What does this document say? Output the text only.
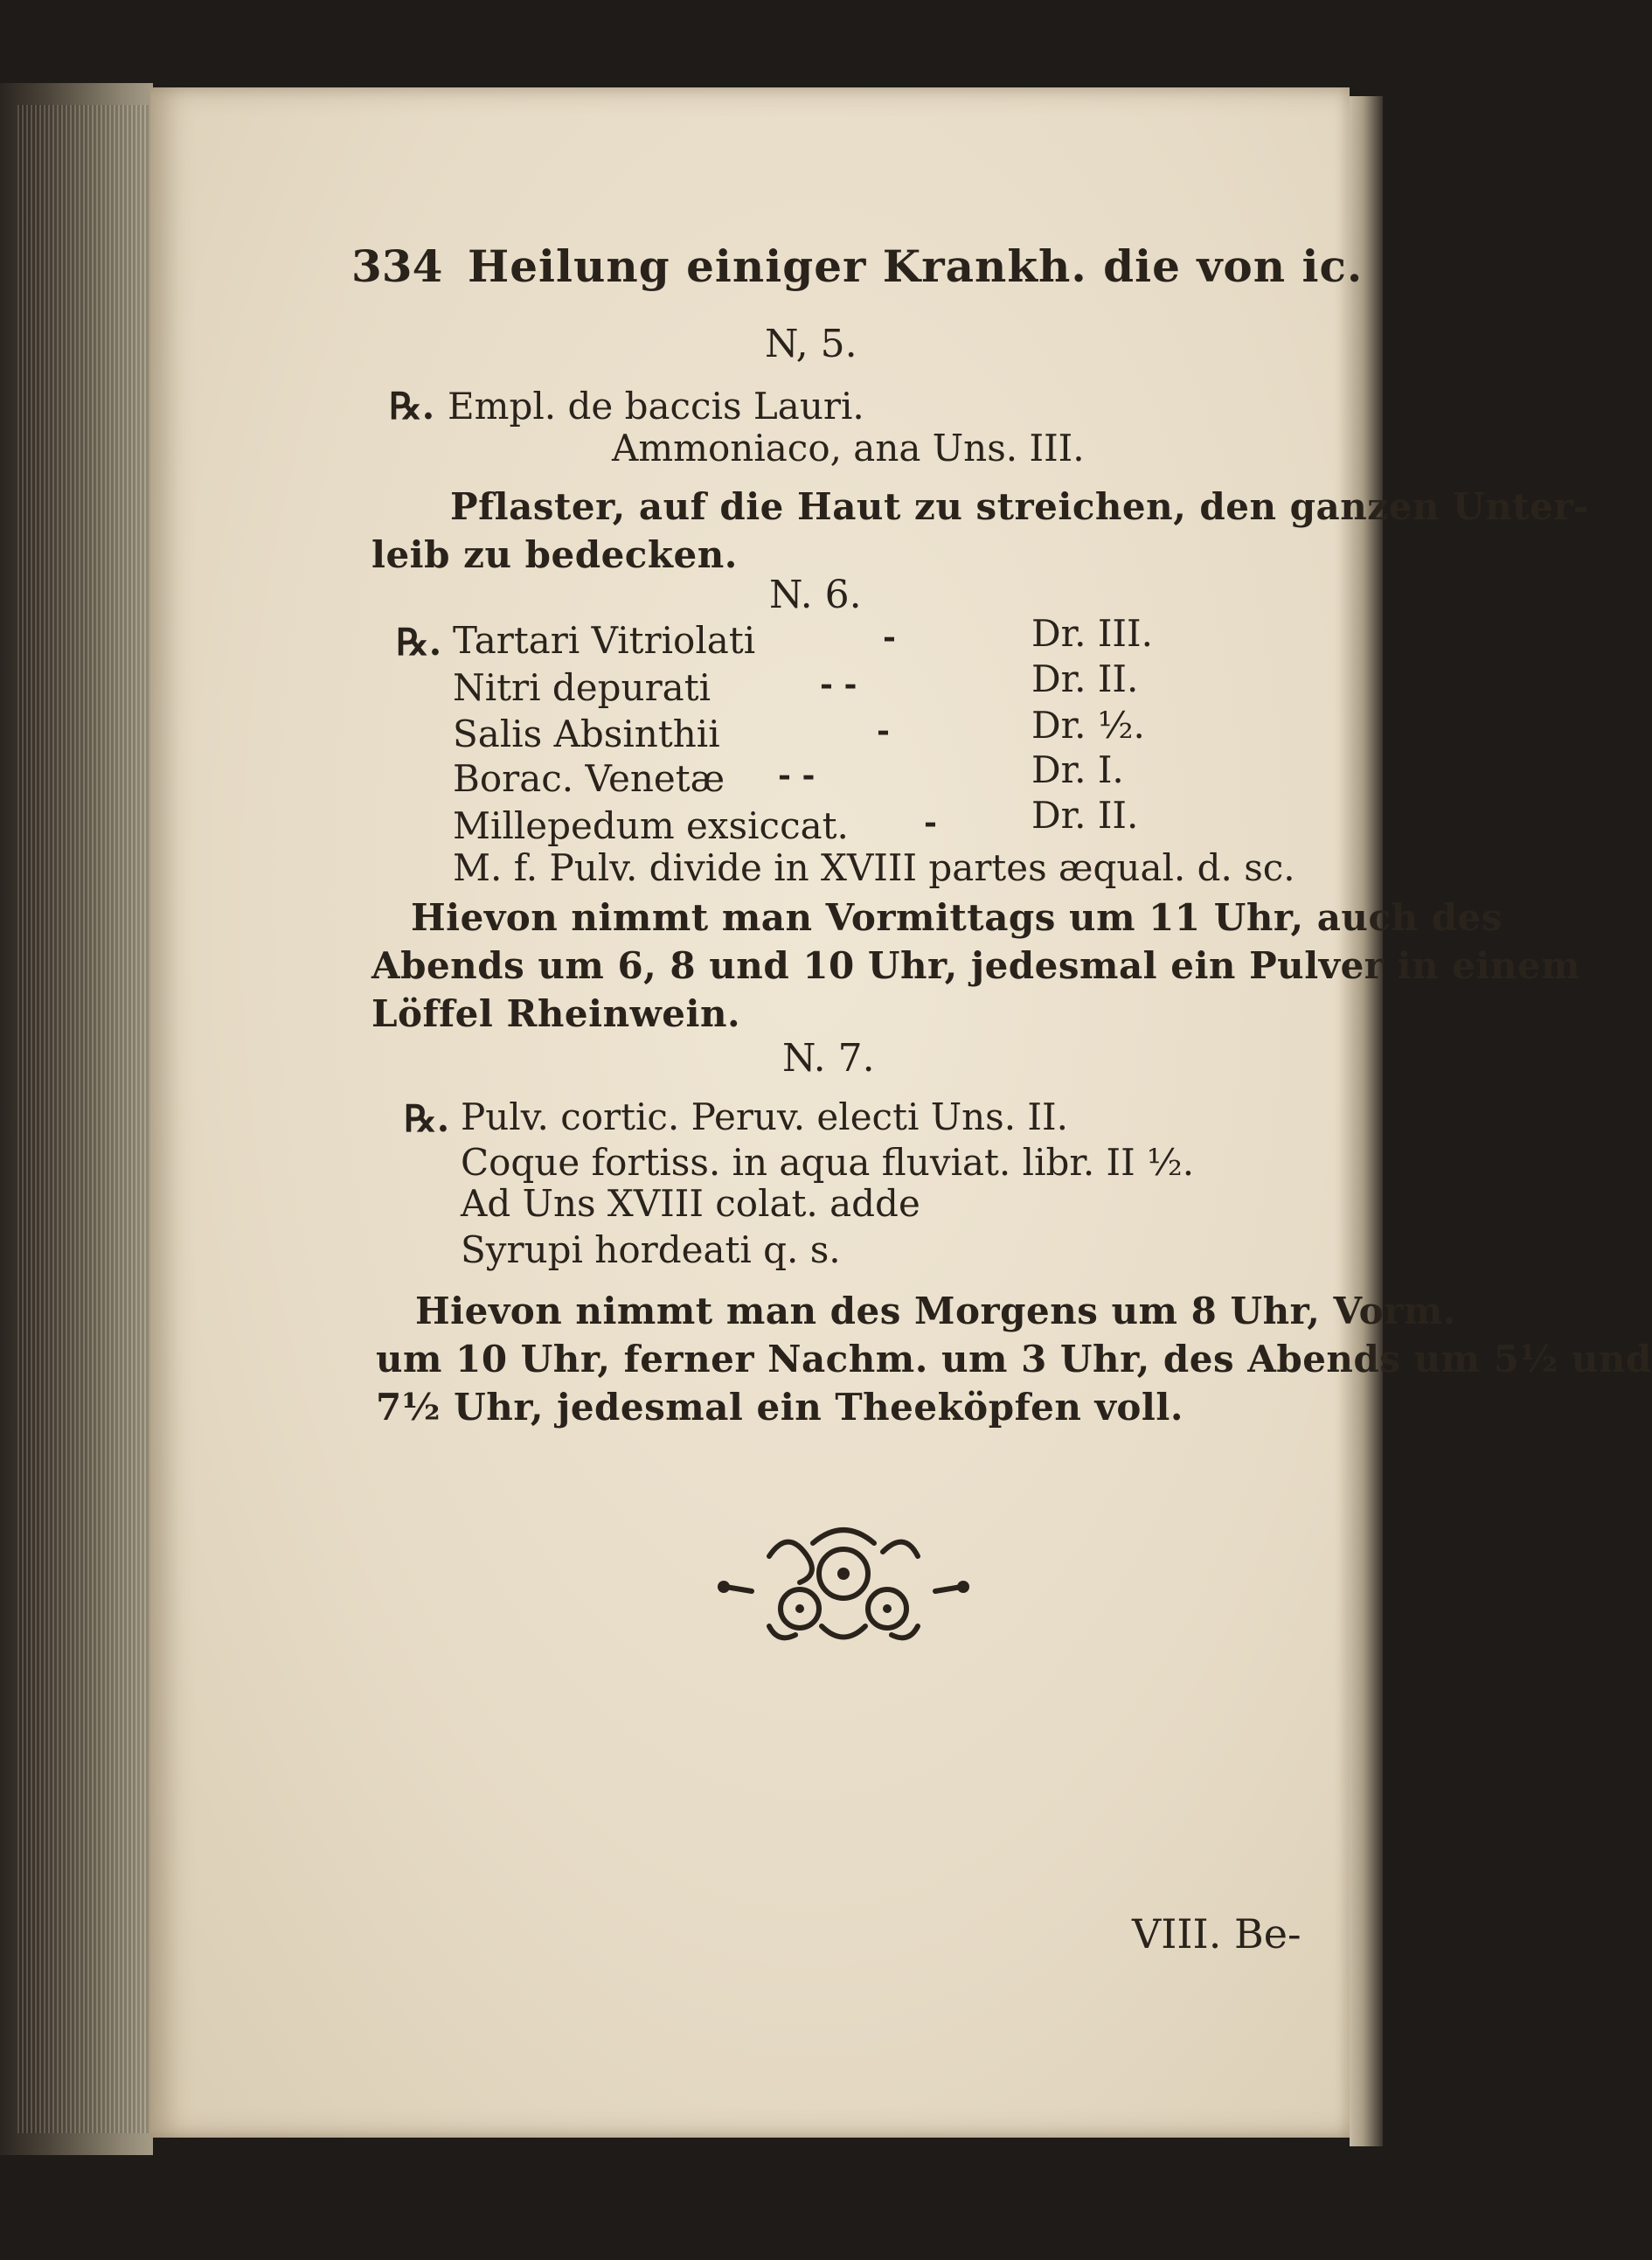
334 Heilung einiger Krankh. die von ic.
N, 5.
℞. Empl. de baccis Lauri.
Ammoniaco, ana Uns. III.
Pflaster, auf die Haut zu streichen, den ganzen Unter-
leib zu bedecken.
N. 6.
℞. Tartari Vitriolati	-	Dr. III.
Nitri depurati	- -	Dr. II.
Salis Absinthii	-	Dr. ½.
Borac. Venetæ - -	Dr. I.
Millepedum exsiccat. -	Dr. II.
M. f. Pulv. divide in XVIII partes æqual. d. sc.
Hievon nimmt man Vormittags um 11 Uhr, auch des
Abends um 6, 8 und 10 Uhr, jedesmal ein Pulver in einem
Löffel Rheinwein.
N. 7.
℞. Pulv. cortic. Peruv. electi Uns. II.
Coque fortiss. in aqua fluviat. libr. II ½.
Ad Uns XVIII colat. adde
Syrupi hordeati q. s.
Hievon nimmt man des Morgens um 8 Uhr, Vorm.
um 10 Uhr, ferner Nachm. um 3 Uhr, des Abends um 5½ und
7½ Uhr, jedesmal ein Theeköpfen voll.
VIII. Be-
